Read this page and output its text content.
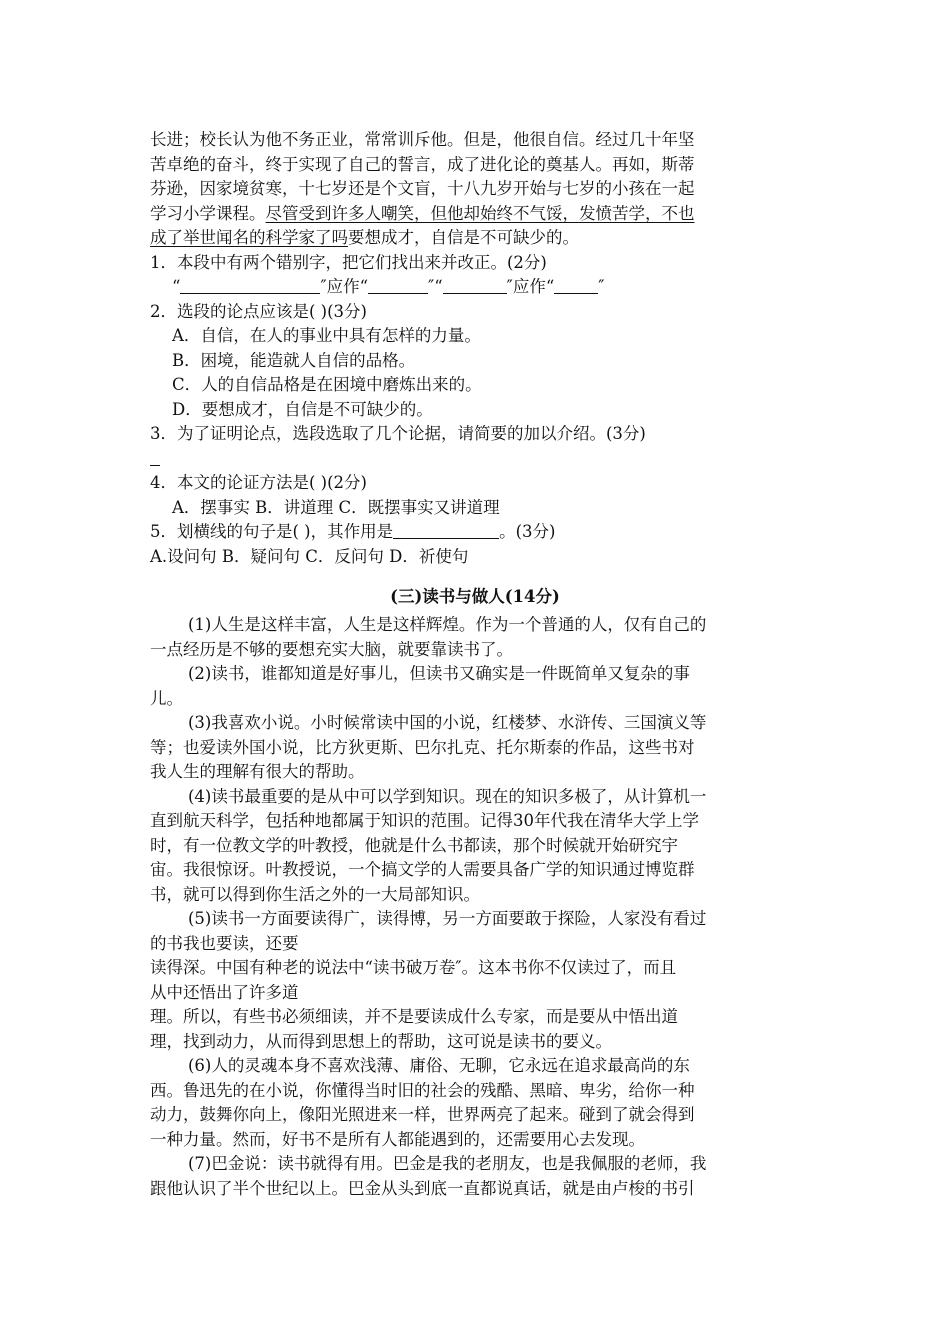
长进；校长认为他不务正业，常常训斥他。但是，他很自信。经过几十年坚
苦卓绝的奋斗，终于实现了自己的誓言，成了进化论的奠基人。再如，斯蒂
芬逊，因家境贫寒，十七岁还是个文盲，十八九岁开始与七岁的小孩在一起
学习小学课程。尽管受到许多人嘲笑，但他却始终不气馁，发愤苦学，不也
成了举世闻名的科学家了吗要想成才，自信是不可缺少的。
1．本段中有两个错别字，把它们找出来并改正。(2分)
“	″应作“	″“	″应作“	″
2．选段的论点应该是( )(3分)
A．自信，在人的事业中具有怎样的力量。
B．困境，能造就人自信的品格。
C．人的自信品格是在困境中磨炼出来的。
D．要想成才，自信是不可缺少的。
3．为了证明论点，选段选取了几个论据，请简要的加以介绍。(3分)
4．本文的论证方法是( )(2分)
A．摆事实 B．讲道理 C．既摆事实又讲道理
5．划横线的句子是( )，其作用是	。(3分)
A.设问句 B．疑问句 C．反问句 D．祈使句
(三)读书与做人(14分)
(1)人生是这样丰富，人生是这样辉煌。作为一个普通的人，仅有自己的
一点经历是不够的要想充实大脑，就要靠读书了。
(2)读书，谁都知道是好事儿，但读书又确实是一件既简单又复杂的事
儿。
(3)我喜欢小说。小时候常读中国的小说，红楼梦、水浒传、三国演义等
等；也爱读外国小说，比方狄更斯、巴尔扎克、托尔斯泰的作品，这些书对
我人生的理解有很大的帮助。
(4)读书最重要的是从中可以学到知识。现在的知识多极了，从计算机一
直到航天科学，包括种地都属于知识的范围。记得30年代我在清华大学上学
时，有一位教文学的叶教授，他就是什么书都读，那个时候就开始研究宇
宙。我很惊讶。叶教授说，一个搞文学的人需要具备广学的知识通过博览群
书，就可以得到你生活之外的一大局部知识。
(5)读书一方面要读得广，读得博，另一方面要敢于探险，人家没有看过
的书我也要读，还要
读得深。中国有种老的说法中“读书破万卷″。这本书你不仅读过了，而且
从中还悟出了许多道
理。所以，有些书必须细读，并不是要读成什么专家，而是要从中悟出道
理，找到动力，从而得到思想上的帮助，这可说是读书的要义。
(6)人的灵魂本身不喜欢浅薄、庸俗、无聊，它永远在追求最高尚的东
西。鲁迅先的在小说，你懂得当时旧的社会的残酷、黑暗、卑劣，给你一种
动力，鼓舞你向上，像阳光照进来一样，世界两亮了起来。碰到了就会得到
一种力量。然而，好书不是所有人都能遇到的，还需要用心去发现。
(7)巴金说：读书就得有用。巴金是我的老朋友，也是我佩服的老师，我
跟他认识了半个世纪以上。巴金从头到底一直都说真话，就是由卢梭的书引
